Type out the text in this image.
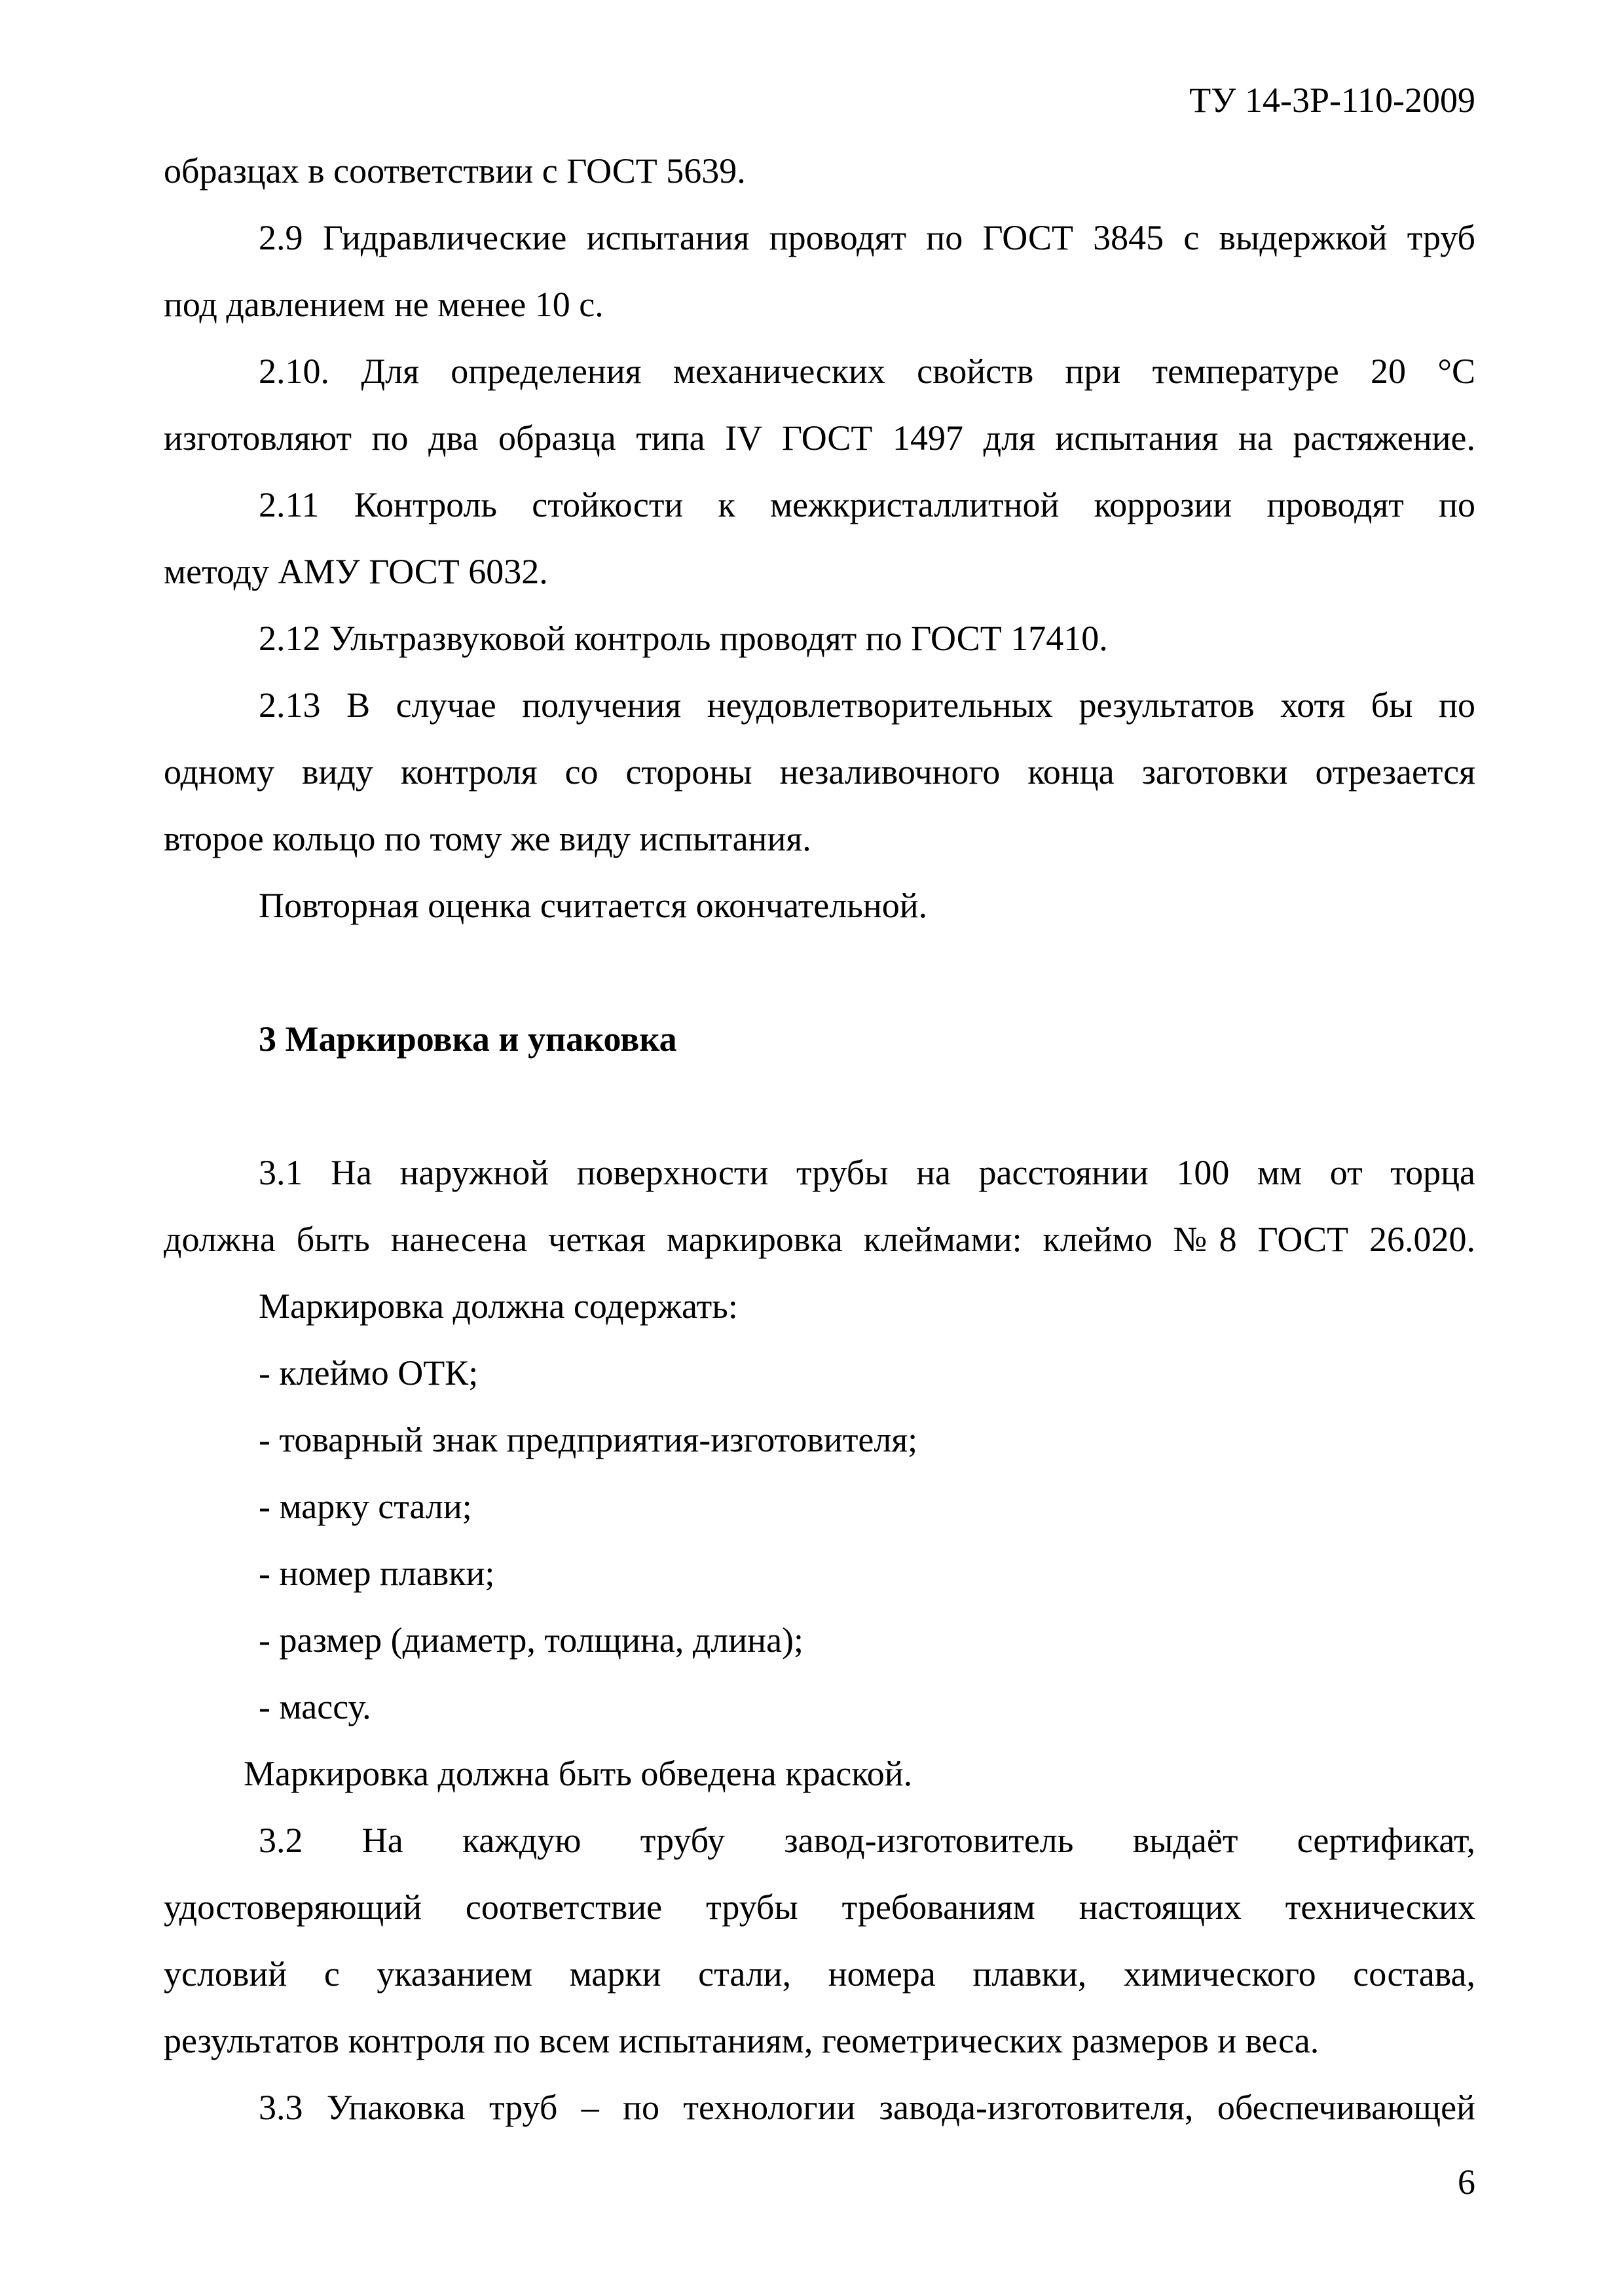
ТУ 14-3Р-110-2009
образцах в соответствии с ГОСТ 5639.
2.9 Гидравлические испытания проводят по ГОСТ 3845 с выдержкой труб
под давлением не менее 10 с.
2.10. Для определения механических свойств при температуре 20 °С
изготовляют по два образца типа IV ГОСТ 1497 для испытания на растяжение.
2.11 Контроль стойкости к межкристаллитной коррозии проводят по
методу АМУ ГОСТ 6032.
2.12 Ультразвуковой контроль проводят по ГОСТ 17410.
2.13 В случае получения неудовлетворительных результатов хотя бы по
одному виду контроля со стороны незаливочного конца заготовки отрезается
второе кольцо по тому же виду испытания.
Повторная оценка считается окончательной.
3 Маркировка и упаковка
3.1 На наружной поверхности трубы на расстоянии 100 мм от торца
должна быть нанесена четкая маркировка клеймами: клеймо №8 ГОСТ 26.020.
Маркировка должна содержать:
- клеймо ОТК;
- товарный знак предприятия-изготовителя;
- марку стали;
- номер плавки;
- размер (диаметр, толщина, длина);
- массу.
Маркировка должна быть обведена краской.
3.2 На каждую трубу завод-изготовитель выдаёт сертификат,
удостоверяющий соответствие трубы требованиям настоящих технических
условий с указанием марки стали, номера плавки, химического состава,
результатов контроля по всем испытаниям, геометрических размеров и веса.
3.3 Упаковка труб – по технологии завода-изготовителя, обеспечивающей
6
